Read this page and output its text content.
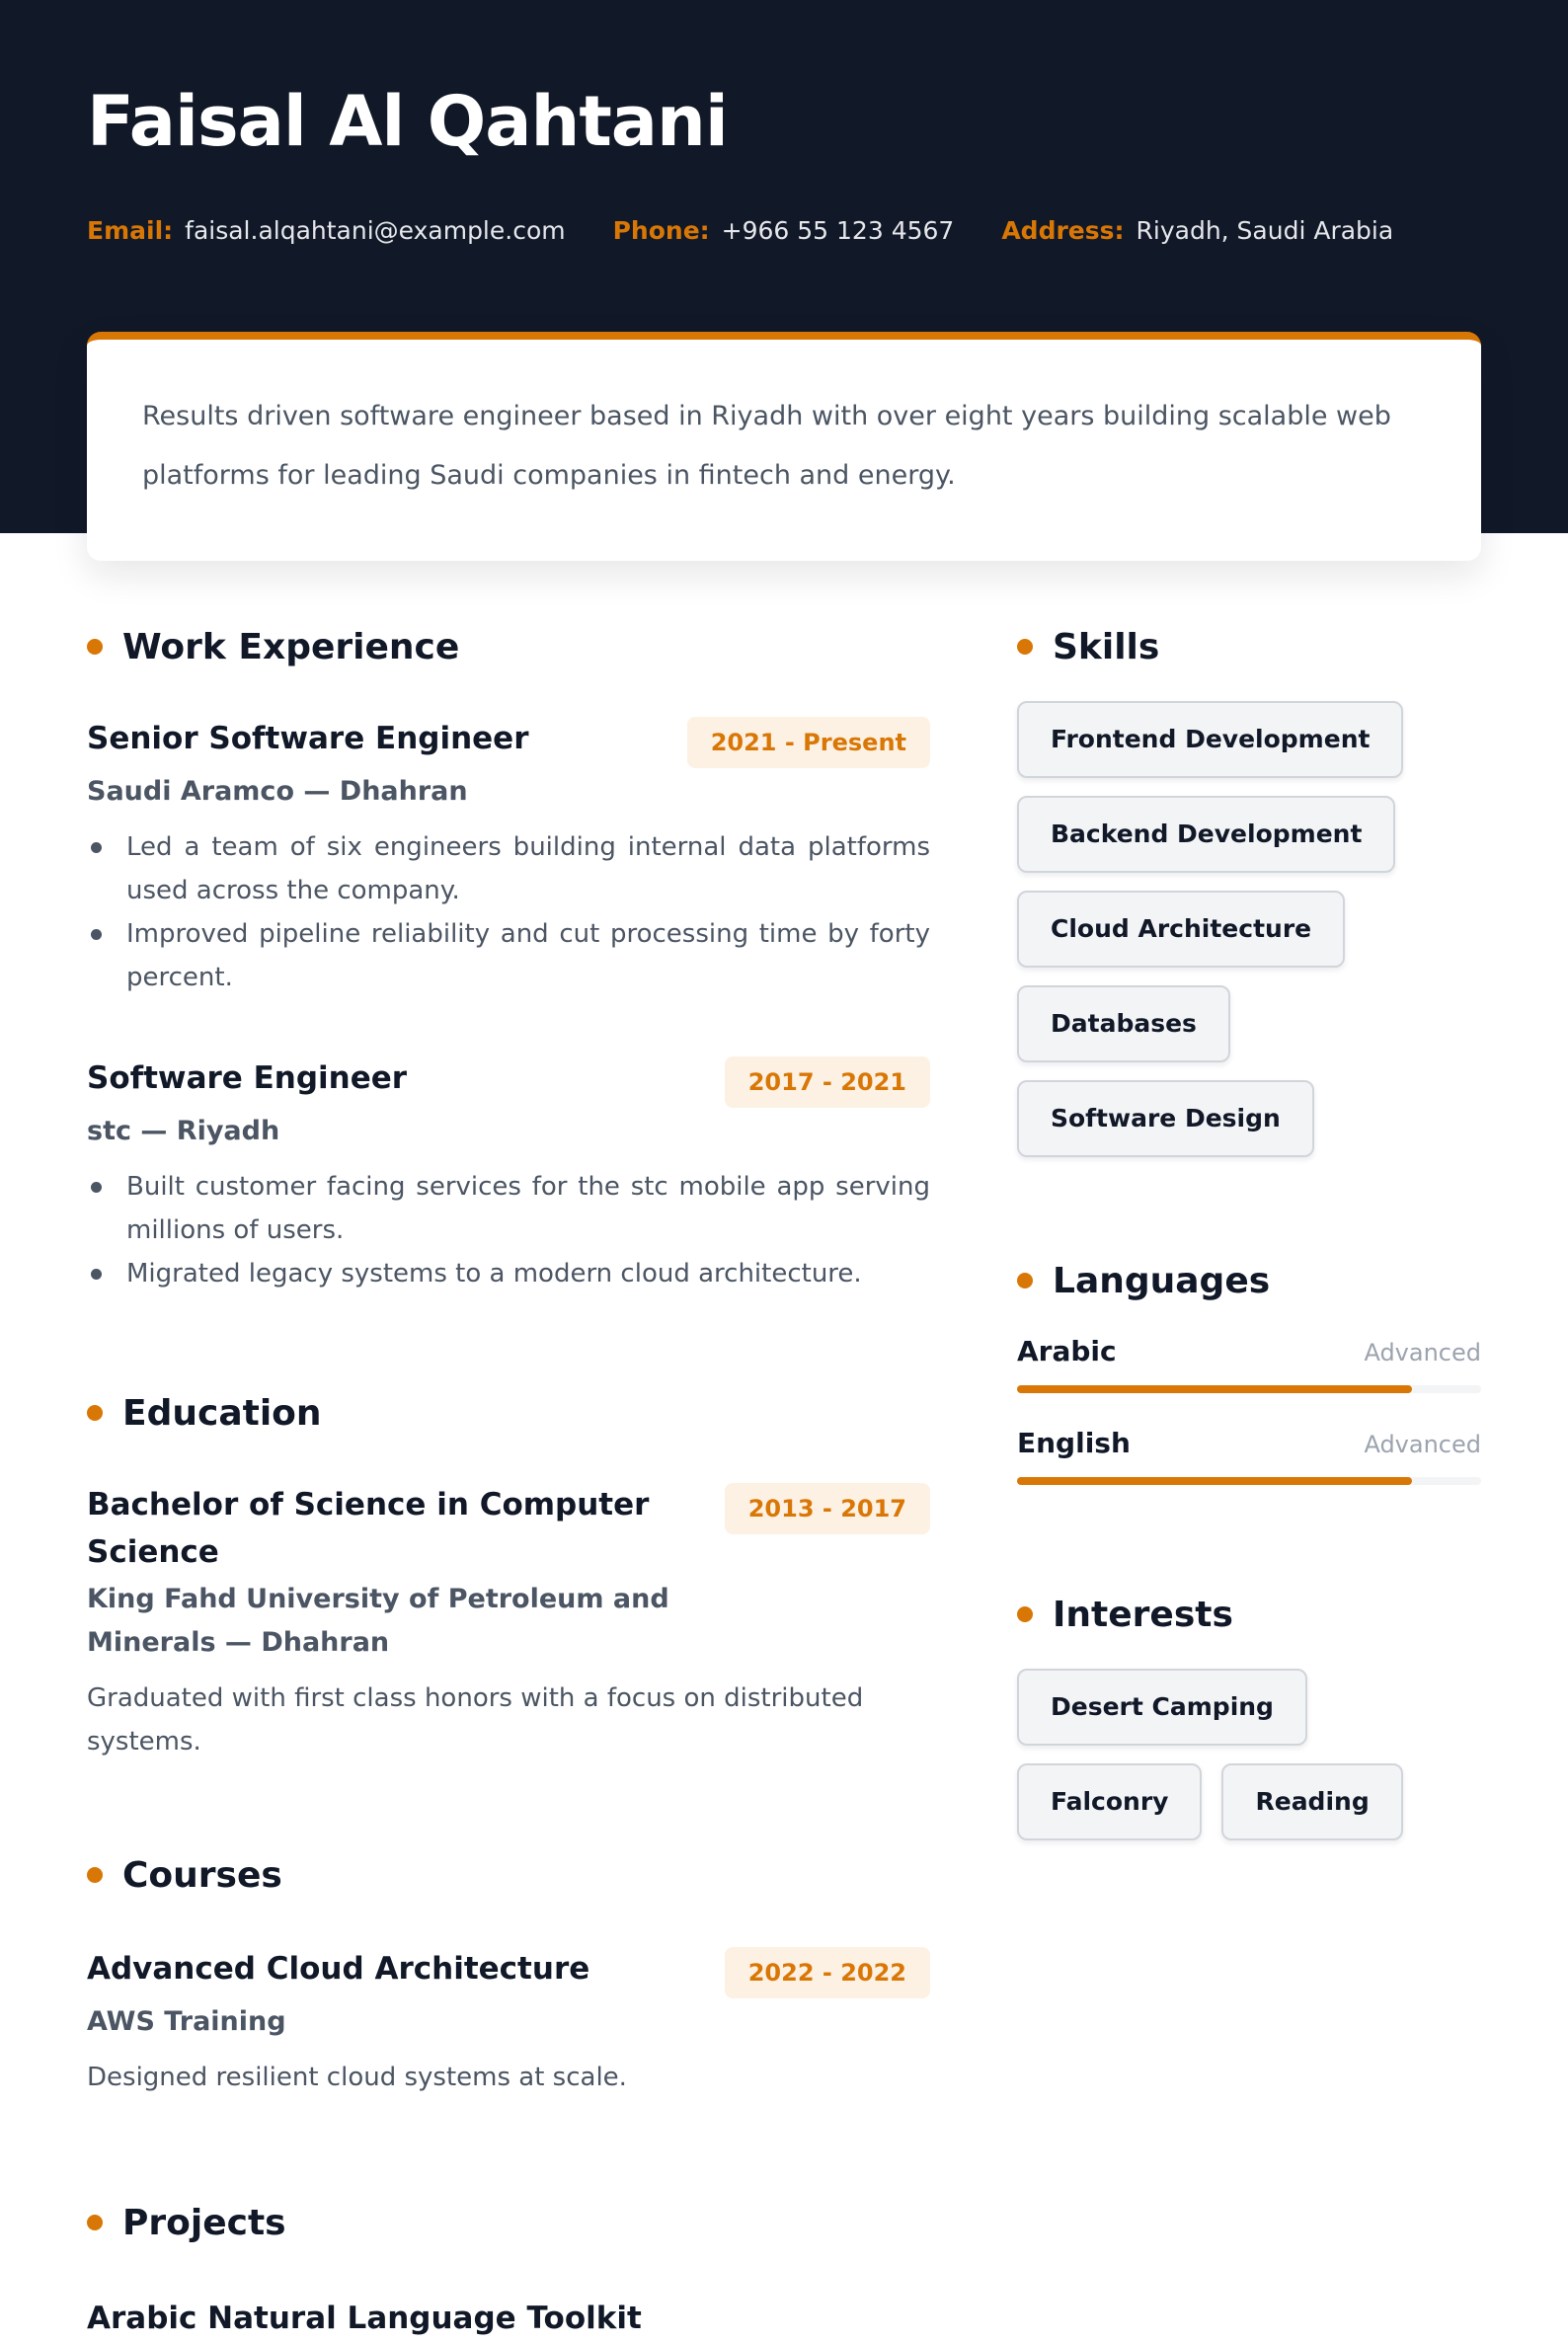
Faisal Al Qahtani
Email: faisal.alqahtani@example.com Phone: +966 55 123 4567 Address: Riyadh, Saudi Arabia

Results driven software engineer based in Riyadh with over eight years building scalable web platforms for leading Saudi companies in fintech and energy.

Work Experience
Senior Software Engineer	2021 - Present
Saudi Aramco — Dhahran
Led a team of six engineers building internal data platforms used across the company.
Improved pipeline reliability and cut processing time by forty percent.
Software Engineer	2017 - 2021
stc — Riyadh
Built customer facing services for the stc mobile app serving millions of users.
Migrated legacy systems to a modern cloud architecture.
Education
Bachelor of Science in Computer Science
2013 - 2017
King Fahd University of Petroleum and Minerals — Dhahran
Graduated with first class honors with a focus on distributed systems.
Courses
Advanced Cloud Architecture	2022 - 2022
AWS Training
Designed resilient cloud systems at scale.
Projects
Arabic Natural Language Toolkit
Skills
Frontend Development
Backend Development
Cloud Architecture
Databases
Software Design
Languages
Arabic	Advanced
English	Advanced
Interests
Desert Camping
Falconry	Reading
